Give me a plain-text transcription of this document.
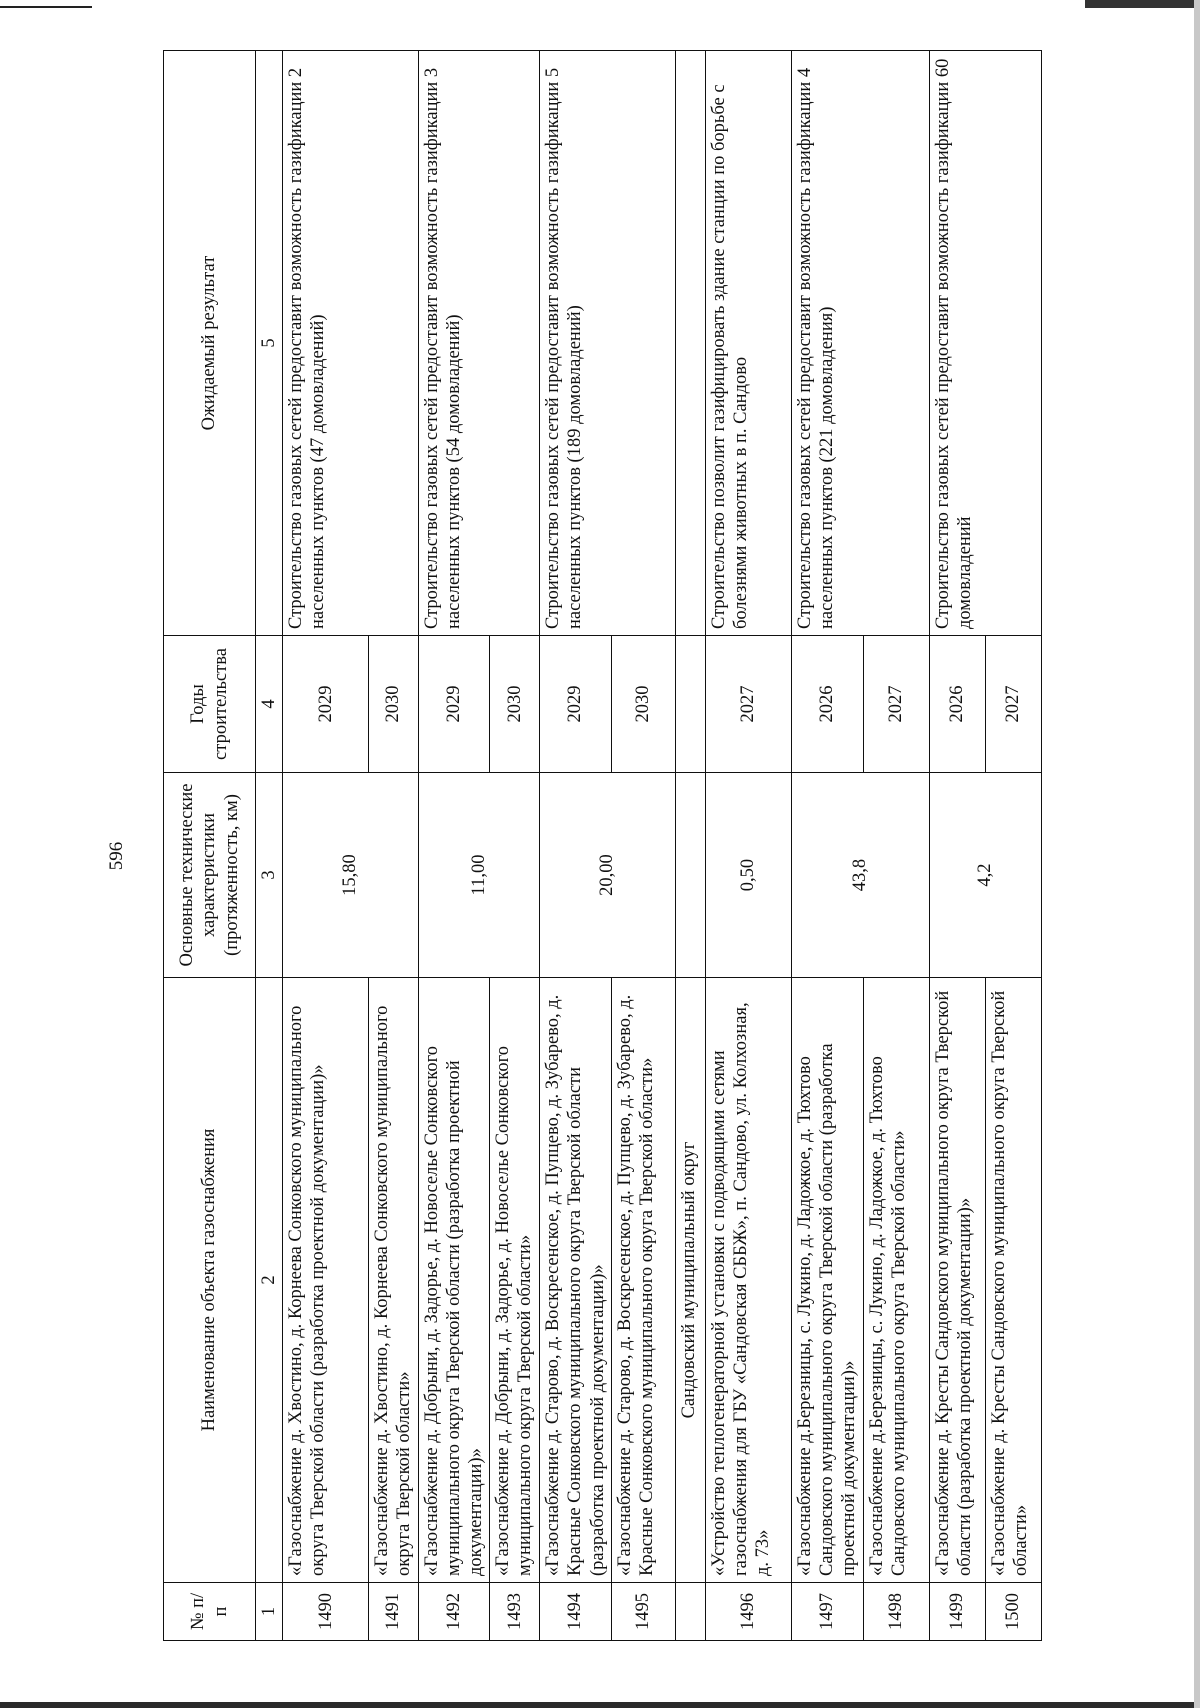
596
№ п/п	Наименование объекта газоснабжения	Основные технические характеристики (протяженность, км)	Годы строительства	Ожидаемый результат
1	2	3	4	5
1490	«Газоснабжение д. Хвостино, д. Корнеева Сонковского муниципального округа Тверской области (разработка проектной документации)»	15,80	2029	Строительство газовых сетей предоставит возможность газификации 2 населенных пунктов (47 домовладений)
1491	«Газоснабжение д. Хвостино, д. Корнеева Сонковского муниципального округа Тверской области»		2030	
1492	«Газоснабжение д. Добрыни, д. Задорье, д. Новоселье Сонковского муниципального округа Тверской области (разработка проектной документации)»	11,00	2029	Строительство газовых сетей предоставит возможность газификации 3 населенных пунктов (54 домовладений)
1493	«Газоснабжение д. Добрыни, д. Задорье, д. Новоселье Сонковского муниципального округа Тверской области»		2030	
1494	«Газоснабжение д. Старово, д. Воскресенское, д. Пупцево, д. Зубарево, д. Красные Сонковского муниципального округа Тверской области (разработка проектной документации)»	20,00	2029	Строительство газовых сетей предоставит возможность газификации 5 населенных пунктов (189 домовладений)
1495	«Газоснабжение д. Старово, д. Воскресенское, д. Пупцево, д. Зубарево, д. Красные Сонковского муниципального округа Тверской области»		2030	
	Сандовский муниципальный округ			
1496	«Устройство теплогенераторной установки с подводящими сетями газоснабжения для ГБУ «Сандовская СББЖ», п. Сандово, ул. Колхозная, д. 73»	0,50	2027	Строительство позволит газифицировать здание станции по борьбе с болезнями животных в п. Сандово
1497	«Газоснабжение д.Березницы, с. Лукино, д. Ладожкое, д. Тюхтово Сандовского муниципального округа Тверской области (разработка проектной документации)»	43,8	2026	Строительство газовых сетей предоставит возможность газификации 4 населенных пунктов (221 домовладения)
1498	«Газоснабжение д.Березницы, с. Лукино, д. Ладожкое, д. Тюхтово Сандовского муниципального округа Тверской области»		2027	
1499	«Газоснабжение д. Кресты Сандовского муниципального округа Тверской области (разработка проектной документации)»	4,2	2026	Строительство газовых сетей предоставит возможность газификации 60 домовладений
1500	«Газоснабжение д. Кресты Сандовского муниципального округа Тверской области»		2027	
